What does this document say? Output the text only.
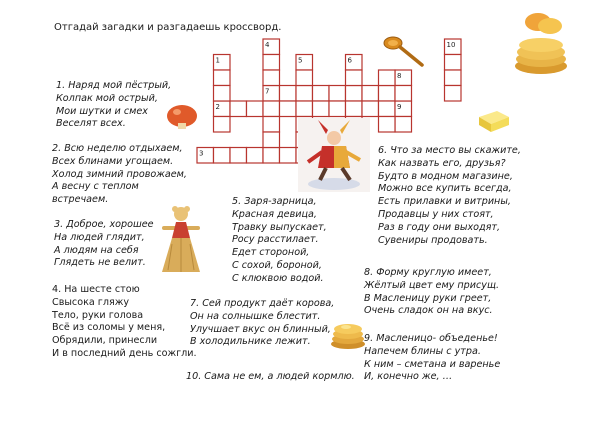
Отгадай загадки и разгадаешь кроссворд.
1
2
3
4
5	6
7
8
9
10
1. Наряд мой пёстрый,
Колпак мой острый,
Мои шутки и смех
Веселят всех.
2. Всю неделю отдыхаем,
Всех блинами угощаем.
Холод зимний провожаем,
А весну с теплом
встречаем.
3. Доброе, хорошее
На людей глядит,
А людям на себя
Глядеть не велит.
4. На шесте стою
Свысока гляжу
Тело, руки голова
Всё из соломы у меня,
Обрядили, принесли
И в последний день сожгли.
5. Заря-зарница,
Красная девица,
Травку выпускает,
Росу расстилает.
Едет стороной,
С сохой, бороной,
С клюквою водой.
6. Что за место вы скажите,
Как назвать его, друзья?
Будто в модном магазине,
Можно все купить всегда,
Есть прилавки и витрины,
Продавцы у них стоят,
Раз в году они выходят,
Сувениры продовать.
7. Сей продукт даёт корова,
Он на солнышке блестит.
Улучшает вкус он блинный,
В холодильнике лежит.
8. Форму круглую имеет,
Жёлтый цвет ему присущ.
В Масленицу руки греет,
Очень сладок он на вкус.
9. Масленицо- объеденье!
Напечем блины с утра.
К ним – сметана и варенье
И, конечно же, …
10. Сама не ем, а людей кормлю.
